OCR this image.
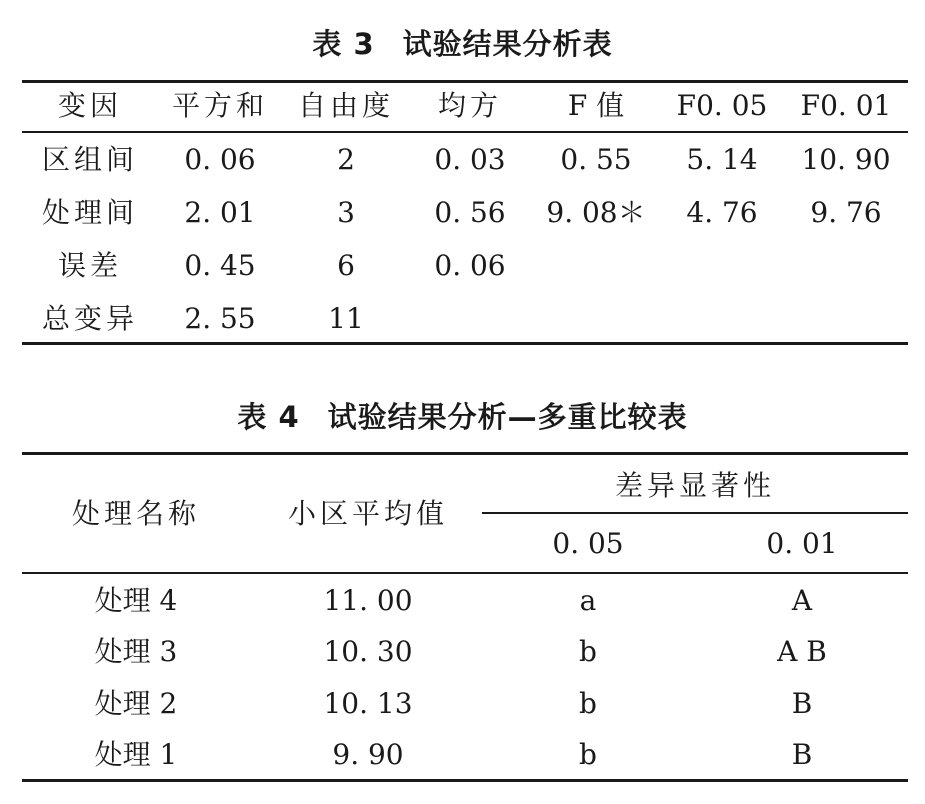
表 3 试验结果分析表
变因	平方和	自由度	均方	F 值	F0. 05	F0. 01
区组间	0. 06	2	0. 03	0. 55	5. 14	10. 90
处理间	2. 01	3	0. 56	9. 08＊	4. 76	9. 76
误差	0. 45	6	0. 06
总变异	2. 55	11
表 4 试验结果分析—多重比较表
处理名称	小区平均值
差异显著性
0. 05	0. 01
处理 4	11. 00	a	A
处理 3	10. 30	b	A B
处理 2	10. 13	b	B
处理 1	9. 90	b	B
